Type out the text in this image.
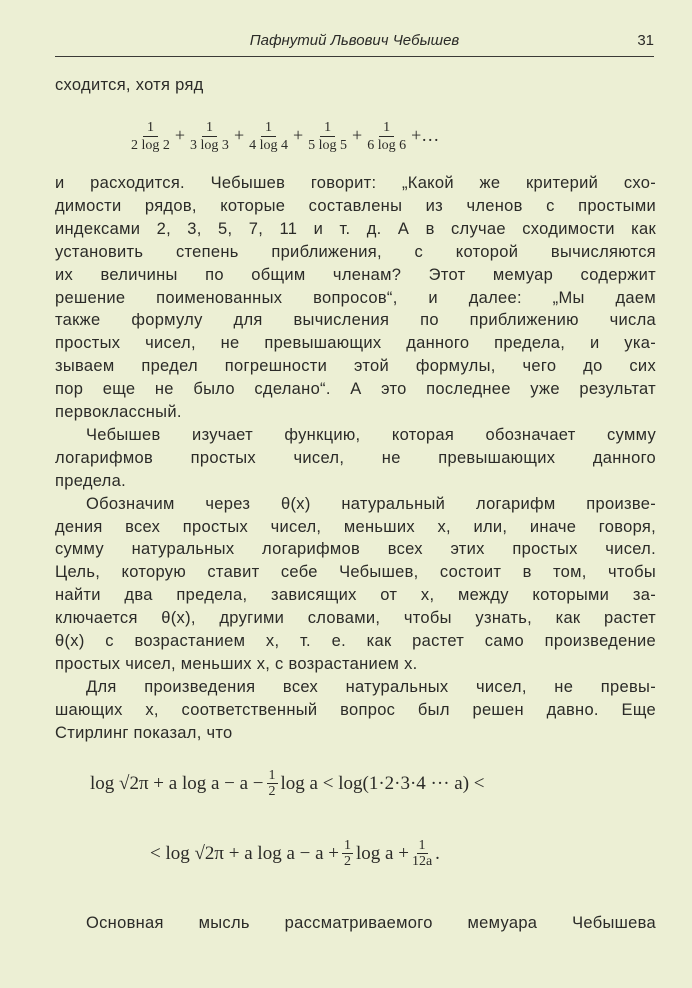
Пафнутий Львович Чебышев	31
сходится, хотя ряд
$\frac{1}{2 \log 2} + \frac{1}{3 \log 3} + \frac{1}{4 \log 4} + \frac{1}{5 \log 5} + \frac{1}{6 \log 6}$ +…
и расходится. Чебышев говорит: „Какой же критерий схо-
димости рядов, которые составлены из членов с простыми
индексами 2, 3, 5, 7, 11 и т. д. А в случае сходимости как
установить степень приближения, с которой вычисляются
их величины по общим членам? Этот мемуар содержит
решение поименованных вопросов“, и далее: „Мы даем
также формулу для вычисления по приближению числа
простых чисел, не превышающих данного предела, и ука-
зываем предел погрешности этой формулы, чего до сих
пор еще не было сделано“. А это последнее уже результат
первоклассный.
Чебышев изучает функцию, которая обозначает сумму
логарифмов простых чисел, не превышающих данного
предела.
Обозначим через θ(x) натуральный логарифм произве-
дения всех простых чисел, меньших x, или, иначе говоря,
сумму натуральных логарифмов всех этих простых чисел.
Цель, которую ставит себе Чебышев, состоит в том, чтобы
найти два предела, зависящих от x, между которыми за-
ключается θ(x), другими словами, чтобы узнать, как растет
θ(x) с возрастанием x, т. е. как растет само произведение
простых чисел, меньших x, с возрастанием x.
Для произведения всех натуральных чисел, не превы-
шающих x, соответственный вопрос был решен давно. Еще
Стирлинг показал, что
log √2π + a $\log a - a - \frac{1}{2}$ log a < log(1·2·3·4 ··· a) <
< log √2π + a $\log a - a + \frac{1}{2}$ $\log a + \frac{1}{12a}$ .
Основная мысль рассматриваемого мемуара Чебышева
